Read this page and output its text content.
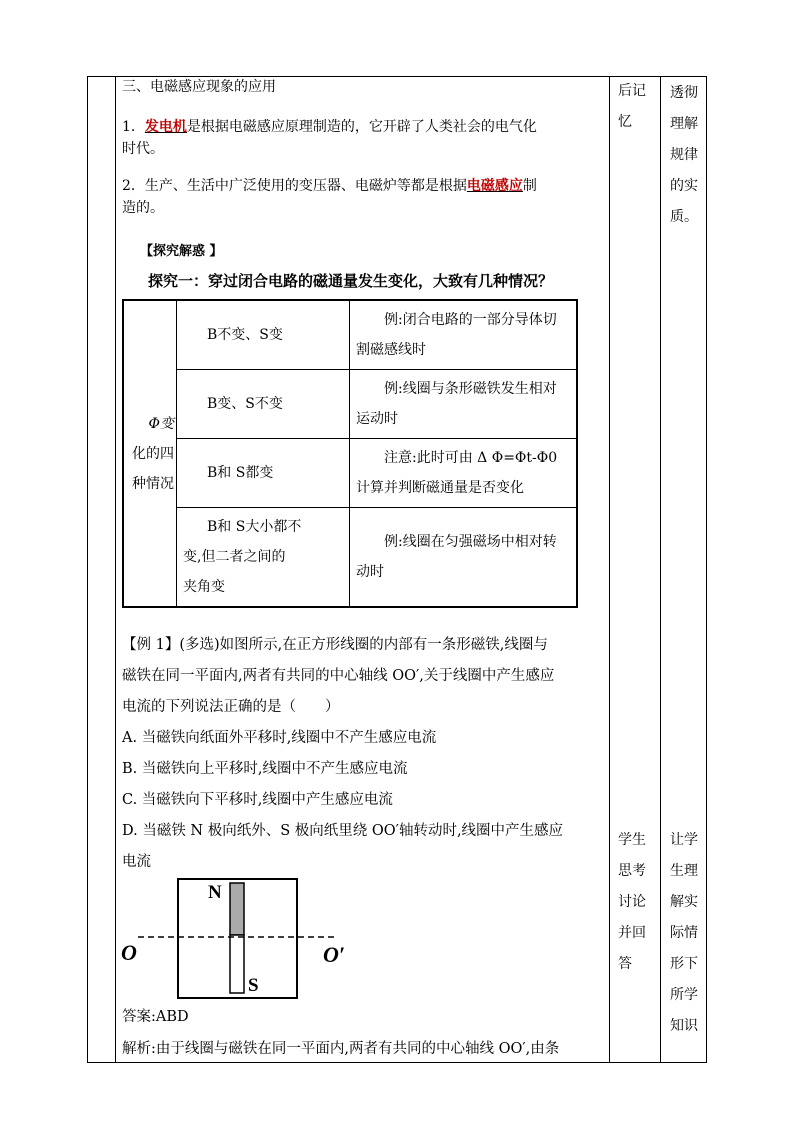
三、电磁感应现象的应用
1．发电机是根据电磁感应原理制造的，它开辟了人类社会的电气化
时代。
2．生产、生活中广泛使用的变压器、电磁炉等都是根据电磁感应制
造的。
【探究解惑 】
探究一：穿过闭合电路的磁通量发生变化，大致有几种情况？
Φ变
化的四
种情况	B不变、S变	例:闭合电路的一部分导体切
割磁感线时
	B变、S不变	例:线圈与条形磁铁发生相对
运动时
	B和 S都变	注意:此时可由 Δ Φ=Φt-Φ0
计算并判断磁通量是否变化
	B和 S大小都不
变,但二者之间的
夹角变	例:线圈在匀强磁场中相对转
动时
【例 1】(多选)如图所示,在正方形线圈的内部有一条形磁铁,线圈与
磁铁在同一平面内,两者有共同的中心轴线 OO′,关于线圈中产生感应
电流的下列说法正确的是（　　）
A. 当磁铁向纸面外平移时,线圈中不产生感应电流
B. 当磁铁向上平移时,线圈中不产生感应电流
C. 当磁铁向下平移时,线圈中产生感应电流
D. 当磁铁 N 极向纸外、S 极向纸里绕 OO′轴转动时,线圈中产生感应
电流
N
S
O	O′
答案:ABD
解析:由于线圈与磁铁在同一平面内,两者有共同的中心轴线 OO′,由条
后记
忆
透彻
理解
规律
的实
质。
学生
思考
讨论
并回
答
让学
生理
解实
际情
形下
所学
知识
